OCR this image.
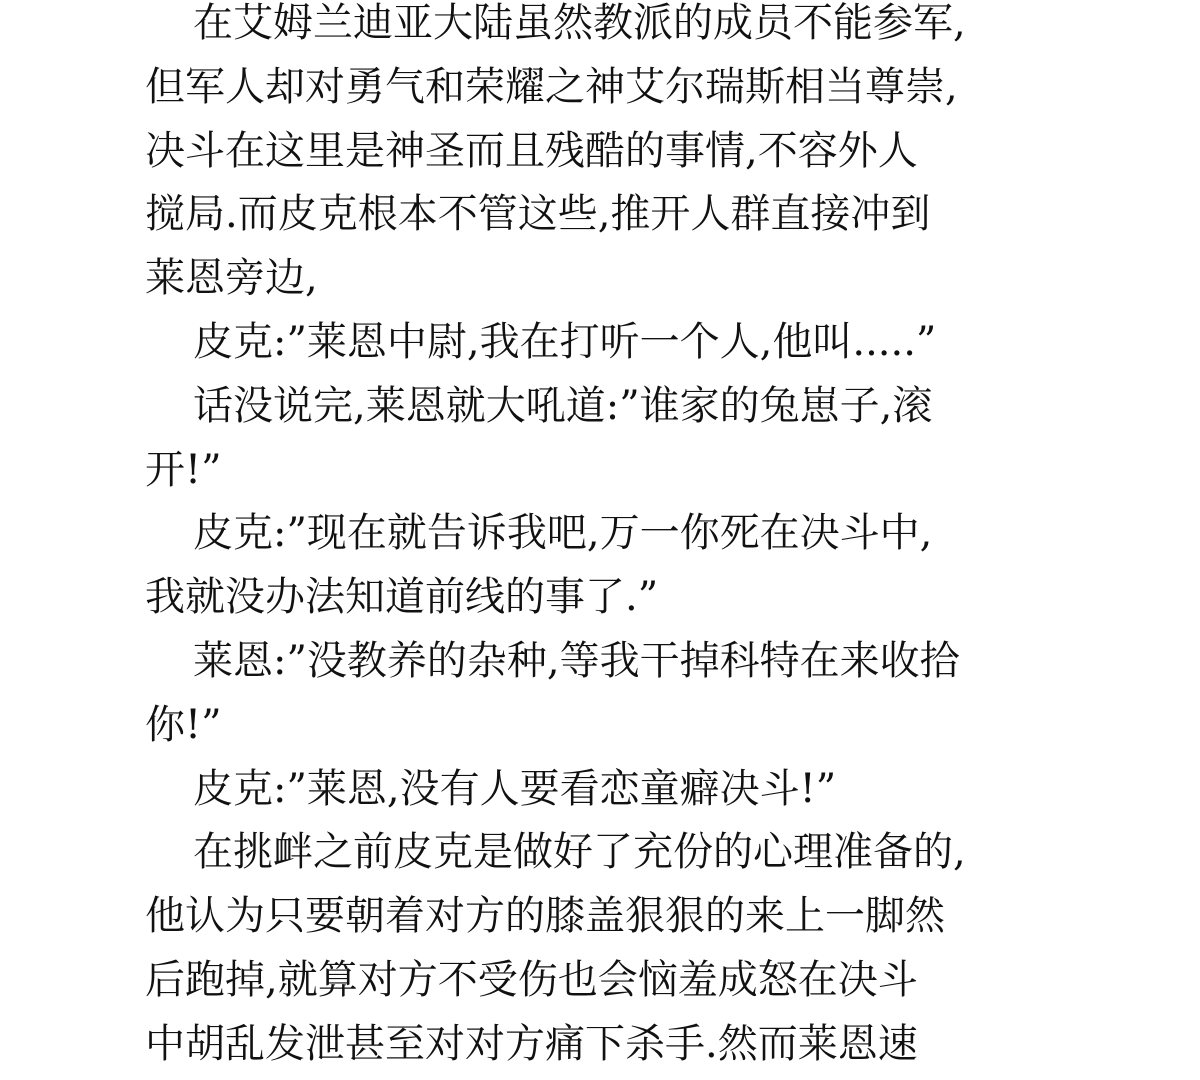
在艾姆兰迪亚大陆虽然教派的成员不能参军,
但军人却对勇气和荣耀之神艾尔瑞斯相当尊崇,
决斗在这里是神圣而且残酷的事情,不容外人
搅局.而皮克根本不管这些,推开人群直接冲到
莱恩旁边,
皮克:”莱恩中尉,我在打听一个人,他叫.....”
话没说完,莱恩就大吼道:”谁家的兔崽子,滚
开!”
皮克:”现在就告诉我吧,万一你死在决斗中,
我就没办法知道前线的事了.”
莱恩:”没教养的杂种,等我干掉科特在来收拾
你!”
皮克:”莱恩,没有人要看恋童癖决斗!”
在挑衅之前皮克是做好了充份的心理准备的,
他认为只要朝着对方的膝盖狠狠的来上一脚然
后跑掉,就算对方不受伤也会恼羞成怒在决斗
中胡乱发泄甚至对对方痛下杀手.然而莱恩速
